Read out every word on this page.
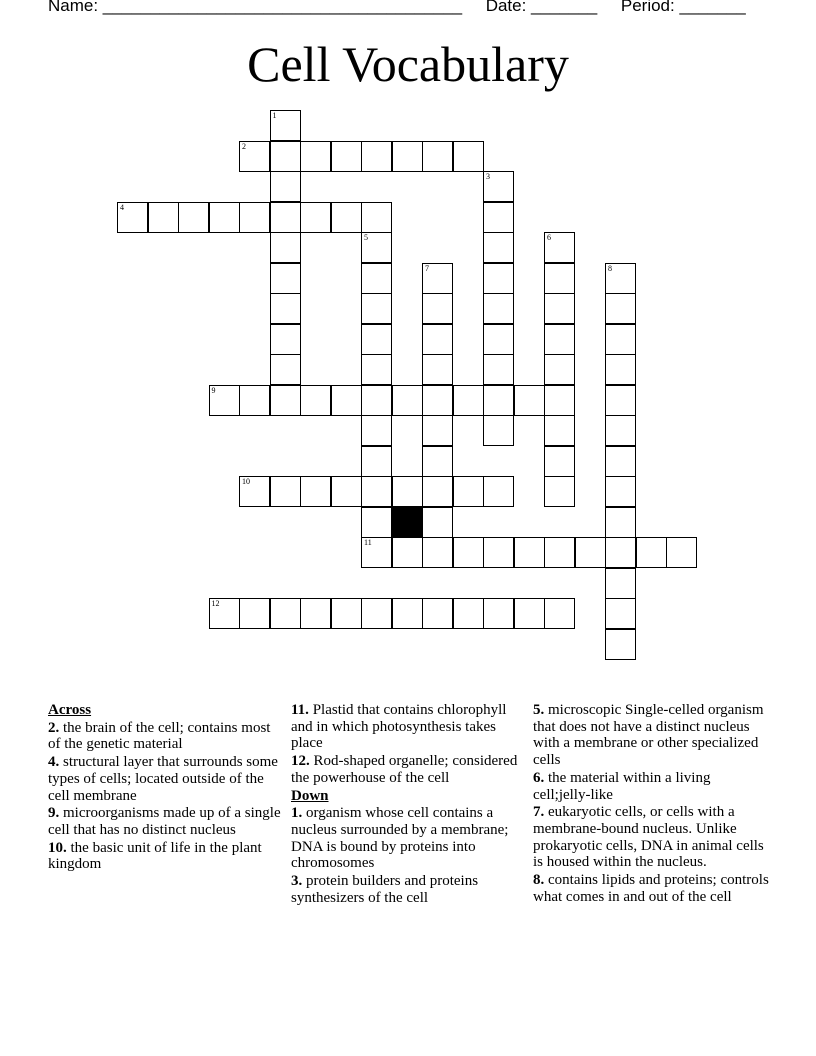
Name: ______________________________________ Date: _______ Period: _______
Cell Vocabulary
1
2
3
4
5
11
6
7	8
9
10
12
Across
2. the brain of the cell; contains most of the genetic material
4. structural layer that surrounds some types of cells; located outside of the cell membrane
9. microorganisms made up of a single cell that has no distinct nucleus
10. the basic unit of life in the plant kingdom
11. Plastid that contains chlorophyll and in which photosynthesis takes place
12. Rod-shaped organelle; considered the powerhouse of the cell
Down
1. organism whose cell contains a nucleus surrounded by a membrane; DNA is bound by proteins into chromosomes
3. protein builders and proteins synthesizers of the cell
5. microscopic Single-celled organism that does not have a distinct nucleus with a membrane or other specialized cells
6. the material within a living cell;jelly-like
7. eukaryotic cells, or cells with a membrane-bound nucleus. Unlike prokaryotic cells, DNA in animal cells is housed within the nucleus.
8. contains lipids and proteins; controls what comes in and out of the cell
